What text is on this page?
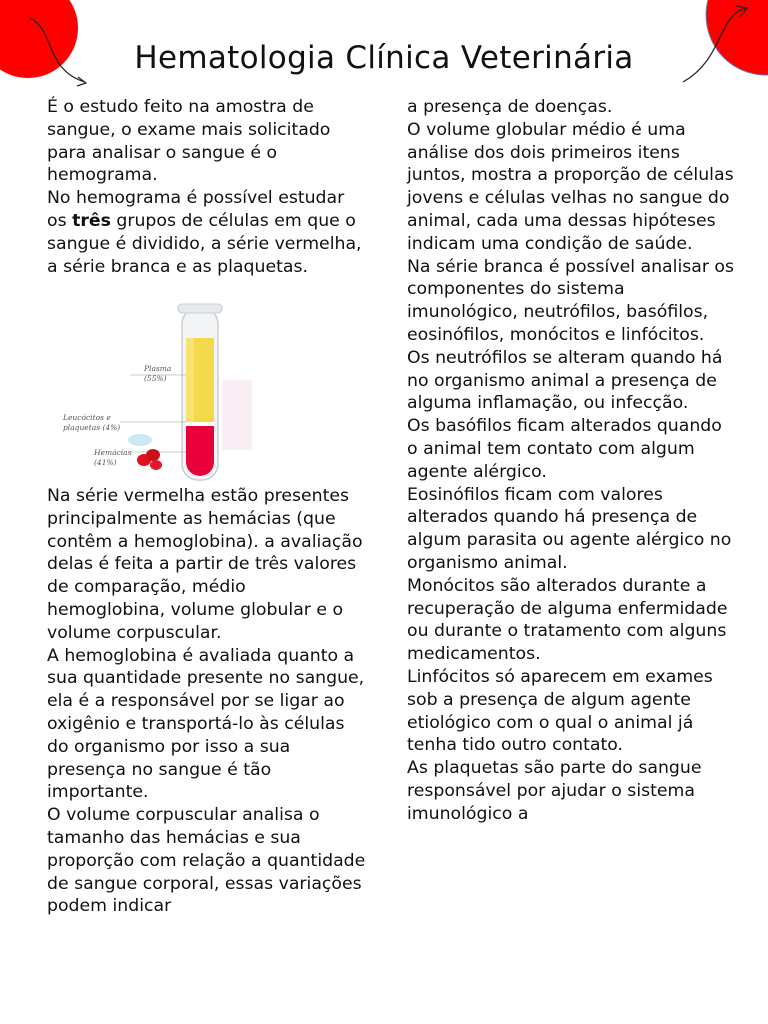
Hematologia Clínica Veterinária

É o estudo feito na amostra de sangue, o exame mais solicitado para analisar o sangue é o hemograma.

No hemograma é possível estudar os três grupos de células em que o sangue é dividido, a série vermelha, a série branca e as plaquetas.

Plasma
(55%)
Leucócitos e
plaquetas (4%)
Hemácias
(41%)

Na série vermelha estão presentes principalmente as hemácias (que contêm a hemoglobina). a avaliação delas é feita a partir de três valores de comparação, médio hemoglobina, volume globular e o volume corpuscular.

A hemoglobina é avaliada quanto a sua quantidade presente no sangue, ela é a responsável por se ligar ao oxigênio e transportá-lo às células do organismo por isso a sua presença no sangue é tão importante.

O volume corpuscular analisa o tamanho das hemácias e sua proporção com relação a quantidade de sangue corporal, essas variações podem indicar

a presença de doenças.

O volume globular médio é uma análise dos dois primeiros itens juntos, mostra a proporção de células jovens e células velhas no sangue do animal, cada uma dessas hipóteses indicam uma condição de saúde.

Na série branca é possível analisar os componentes do sistema imunológico, neutrófilos, basófilos, eosinófilos, monócitos e linfócitos.

Os neutrófilos se alteram quando há no organismo animal a presença de alguma inflamação, ou infecção.

Os basófilos ficam alterados quando o animal tem contato com algum agente alérgico.

Eosinófilos ficam com valores alterados quando há presença de algum parasita ou agente alérgico no organismo animal.

Monócitos são alterados durante a recuperação de alguma enfermidade ou durante o tratamento com alguns medicamentos.

Linfócitos só aparecem em exames sob a presença de algum agente etiológico com o qual o animal já tenha tido outro contato.

As plaquetas são parte do sangue responsável por ajudar o sistema imunológico a
